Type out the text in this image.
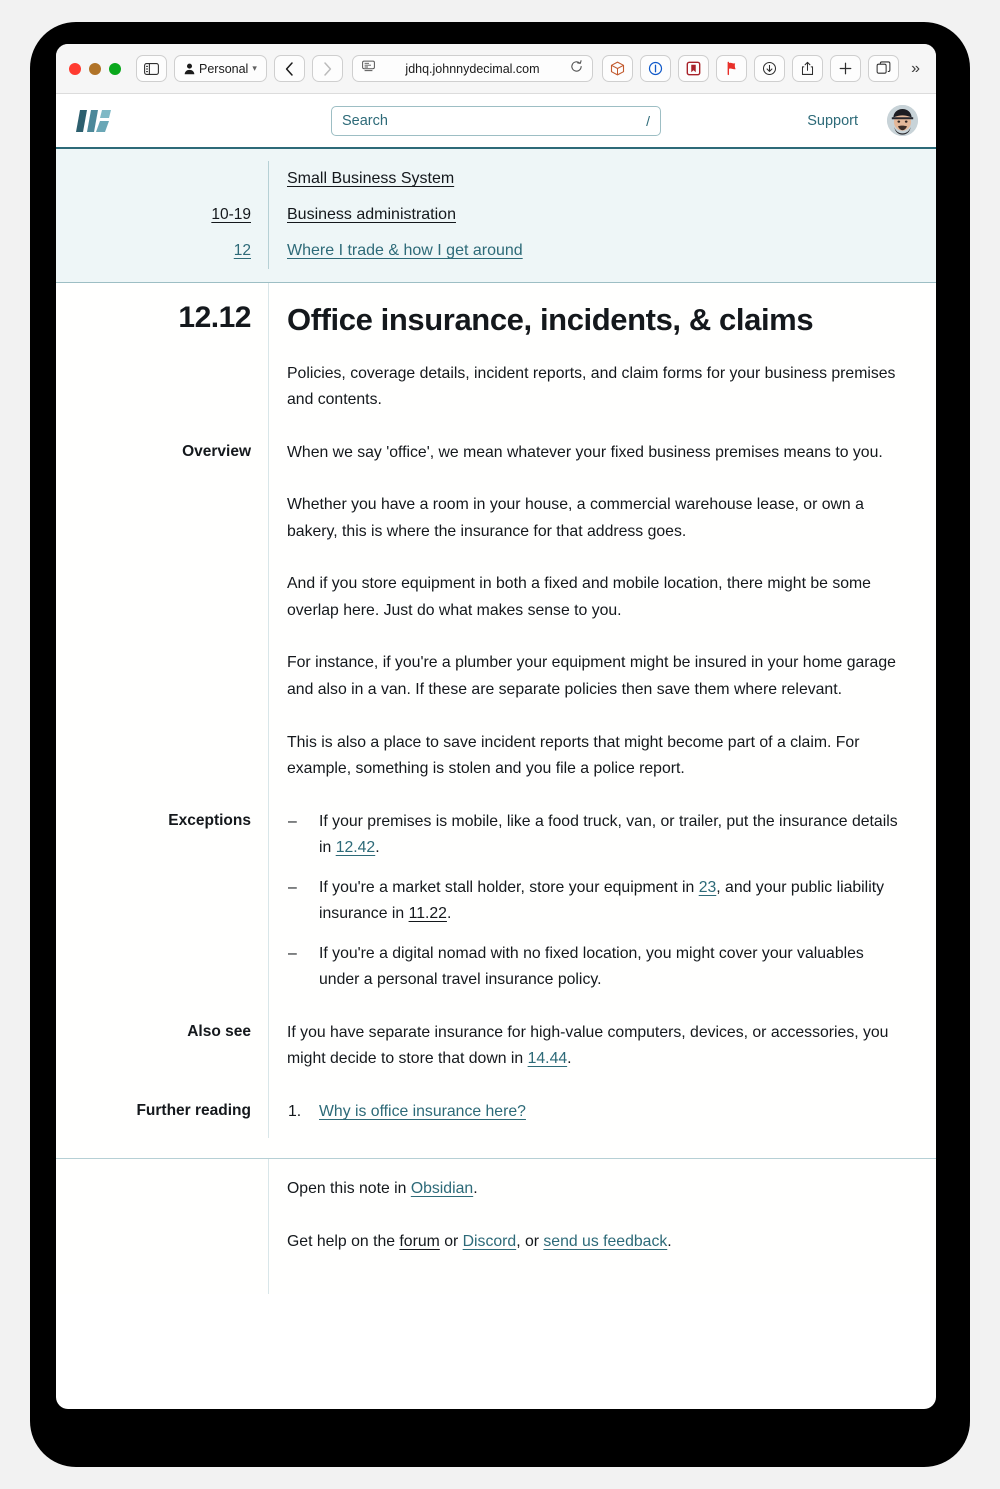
Personal ▾	jdhq.johnnydecimal.com	»
Search	/	Support
Small Business System
10-19	Business administration
12	Where I trade & how I get around
12.12	Office insurance, incidents, & claims

Policies, coverage details, incident reports, and claim forms for your business premises and contents.

Overview	When we say 'office', we mean whatever your fixed business premises means to you.

Whether you have a room in your house, a commercial warehouse lease, or own a bakery, this is where the insurance for that address goes.

And if you store equipment in both a fixed and mobile location, there might be some overlap here. Just do what makes sense to you.

For instance, if you're a plumber your equipment might be insured in your home garage and also in a van. If these are separate policies then save them where relevant.

This is also a place to save incident reports that might become part of a claim. For example, something is stolen and you file a police report.

Exceptions	– If your premises is mobile, like a food truck, van, or trailer, put the insurance details in 12.42.
– If you're a market stall holder, store your equipment in 23, and your public liability insurance in 11.22.
– If you're a digital nomad with no fixed location, you might cover your valuables under a personal travel insurance policy.
Also see	If you have separate insurance for high-value computers, devices, or accessories, you might decide to store that down in 14.44.

Further reading	1. Why is office insurance here?

Open this note in Obsidian.

Get help on the forum or Discord, or send us feedback.
